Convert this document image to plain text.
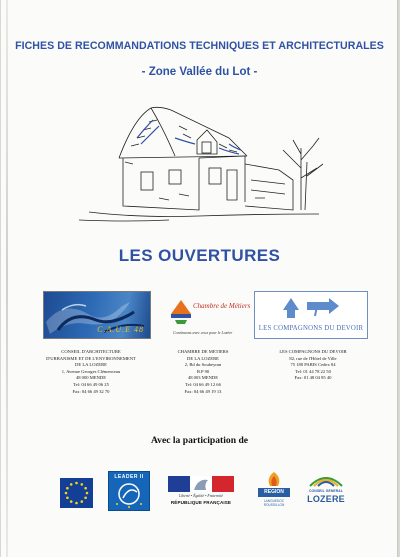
FICHES DE RECOMMANDATIONS TECHNIQUES ET ARCHITECTURALES
- Zone Vallée du Lot -
LES OUVERTURES
C.A.U.E 48
Chambre de Métiers
Continuons avec ceux pour le Lozère
LES COMPAGNONS DU DEVOIR
CONSEIL D'ARCHITECTURE
D'URBANISME ET DE L'ENVIRONNEMENT
DE LA LOZERE
1, Avenue Georges Clémenceau
48 000 MENDE
Tel: 04 66 49 06 25
Fax: 04 66 49 32 70
CHAMBRE DE METIERS
DE LA LOZERE
2, Bd du Soubeyran
B.P 90
48 003 MENDE
Tel: 04 66 49 12 66
Fax: 04 66 49 19 13
LES COMPAGNONS DU DEVOIR
82, rue de l'Hôtel de Ville
75 180 PARIS Cedex 04
Tel: 01 44 78 22 50
Fax: 01 48 04 85 40
Avec la participation de
LEADER II
Liberté • Égalité • Fraternité
RÉPUBLIQUE FRANÇAISE
REGION
LANGUEDOC ROUSSILLON
CONSEIL GENERAL
LOZERE
